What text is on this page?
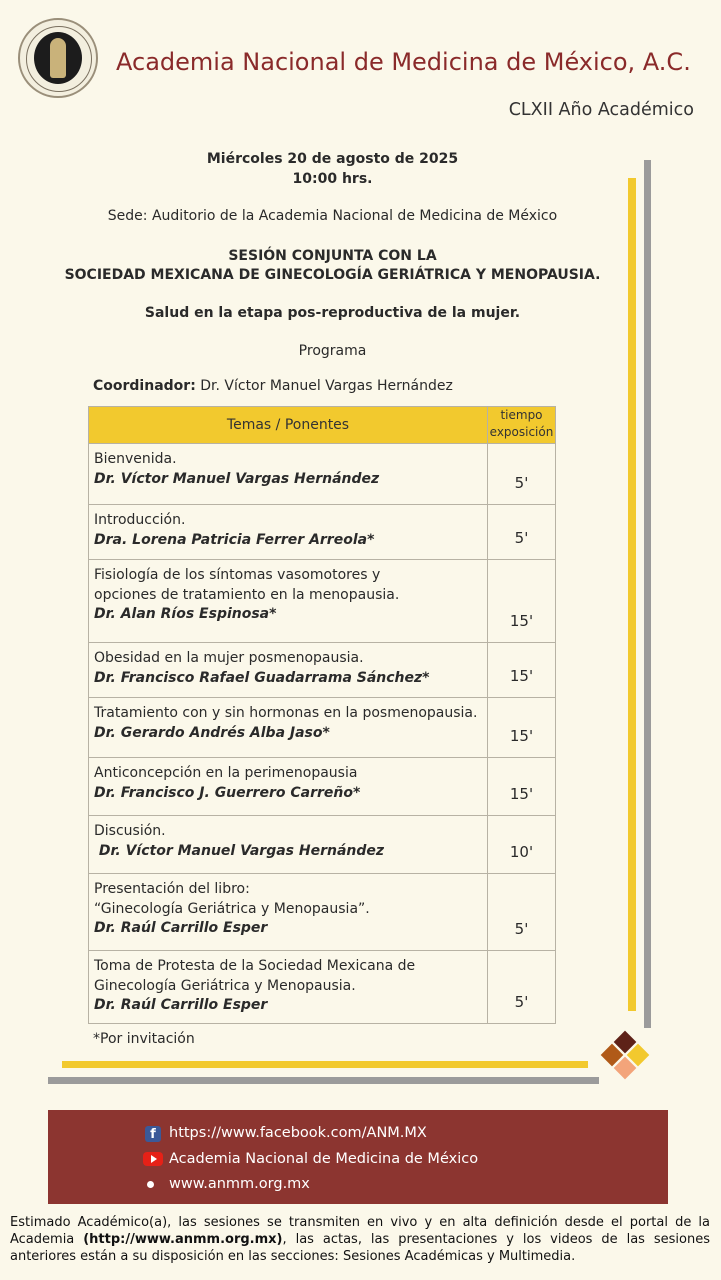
Academia Nacional de Medicina de México, A.C.
CLXII Año Académico
Miércoles 20 de agosto de 2025
10:00 hrs.
Sede: Auditorio de la Academia Nacional de Medicina de México
SESIÓN CONJUNTA CON LA
SOCIEDAD MEXICANA DE GINECOLOGÍA GERIÁTRICA Y MENOPAUSIA.
Salud en la etapa pos-reproductiva de la mujer.
Programa
Coordinador: Dr. Víctor Manuel Vargas Hernández
Temas / Ponentes	tiempo
exposición

Bienvenida.
Dr. Víctor Manuel Vargas Hernández	5'

Introducción.
Dra. Lorena Patricia Ferrer Arreola*	5'

Fisiología de los síntomas vasomotores y
opciones de tratamiento en la menopausia.
Dr. Alan Ríos Espinosa*	15'

Obesidad en la mujer posmenopausia.
Dr. Francisco Rafael Guadarrama Sánchez*	15'

Tratamiento con y sin hormonas en la posmenopausia.
Dr. Gerardo Andrés Alba Jaso*	15'

Anticoncepción en la perimenopausia
Dr. Francisco J. Guerrero Carreño*	15'

Discusión.
Dr. Víctor Manuel Vargas Hernández	10'

Presentación del libro:
“Ginecología Geriátrica y Menopausia”.
Dr. Raúl Carrillo Esper	5'

Toma de Protesta de la Sociedad Mexicana de
Ginecología Geriátrica y Menopausia.
Dr. Raúl Carrillo Esper	5'
*Por invitación
f https://www.facebook.com/ANM.MX
Academia Nacional de Medicina de México
www.anmm.org.mx
Estimado Académico(a), las sesiones se transmiten en vivo y en alta definición desde el portal de la Academia (http://www.anmm.org.mx), las actas, las presentaciones y los videos de las sesiones anteriores están a su disposición en las secciones: Sesiones Académicas y Multimedia.
